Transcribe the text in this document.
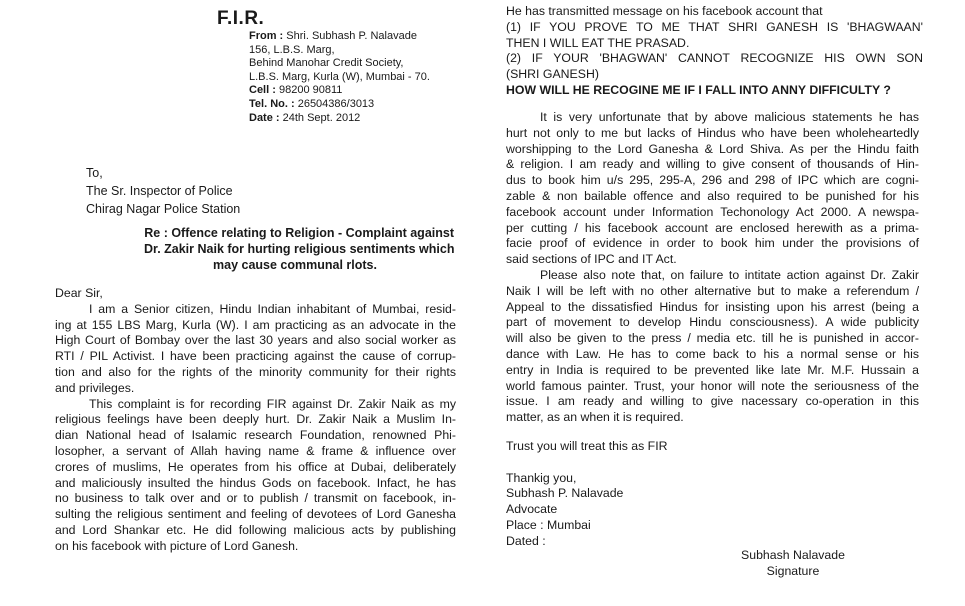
F.I.R.
From : Shri. Subhash P. Nalavade
156, L.B.S. Marg,
Behind Manohar Credit Society,
L.B.S. Marg, Kurla (W), Mumbai - 70.
Cell : 98200 90811
Tel. No. : 26504386/3013
Date : 24th Sept. 2012
To,
The Sr. Inspector of Police
Chirag Nagar Police Station
Re : Offence relating to Religion - Complaint against
Dr. Zakir Naik for hurting religious sentiments which
may cause communal rlots.
Dear Sir,
I am a Senior citizen, Hindu Indian inhabitant of Mumbai, resid-
ing at 155 LBS Marg, Kurla (W). I am practicing as an advocate in the
High Court of Bombay over the last 30 years and also social worker as
RTI / PIL Activist. I have been practicing against the cause of corrup-
tion and also for the rights of the minority community for their rights
and privileges.
This complaint is for recording FIR against Dr. Zakir Naik as my
religious feelings have been deeply hurt. Dr. Zakir Naik a Muslim In-
dian National head of Isalamic research Foundation, renowned Phi-
losopher, a servant of Allah having name & frame & influence over
crores of muslims, He operates from his office at Dubai, deliberately
and maliciously insulted the hindus Gods on facebook. Infact, he has
no business to talk over and or to publish / transmit on facebook, in-
sulting the religious sentiment and feeling of devotees of Lord Ganesha
and Lord Shankar etc. He did following malicious acts by publishing
on his facebook with picture of Lord Ganesh.
He has transmitted message on his facebook account that
(1) IF YOU PROVE TO ME THAT SHRI GANESH IS 'BHAGWAAN'
THEN I WILL EAT THE PRASAD.
(2) IF YOUR 'BHAGWAN' CANNOT RECOGNIZE HIS OWN SON
(SHRI GANESH)
HOW WILL HE RECOGINE ME IF I FALL INTO ANNY DIFFICULTY ?
It is very unfortunate that by above malicious statements he has
hurt not only to me but lacks of Hindus who have been wholeheartedly
worshipping to the Lord Ganesha & Lord Shiva. As per the Hindu faith
& religion. I am ready and willing to give consent of thousands of Hin-
dus to book him u/s 295, 295-A, 296 and 298 of IPC which are cogni-
zable & non bailable offence and also required to be punished for his
facebook account under Information Techonology Act 2000. A newspa-
per cutting / his facebook account are enclosed herewith as a prima-
facie proof of evidence in order to book him under the provisions of
said sections of IPC and IT Act.
Please also note that, on failure to intitate action against Dr. Zakir
Naik I will be left with no other alternative but to make a referendum /
Appeal to the dissatisfied Hindus for insisting upon his arrest (being a
part of movement to develop Hindu consciousness). A wide publicity
will also be given to the press / media etc. till he is punished in accor-
dance with Law. He has to come back to his a normal sense or his
entry in India is required to be prevented like late Mr. M.F. Hussain a
world famous painter. Trust, your honor will note the seriousness of the
issue. I am ready and willing to give nacessary co-operation in this
matter, as an when it is required.
Trust you will treat this as FIR
Thankig you,
Subhash P. Nalavade
Advocate
Place : Mumbai
Dated :
Subhash Nalavade
Signature
